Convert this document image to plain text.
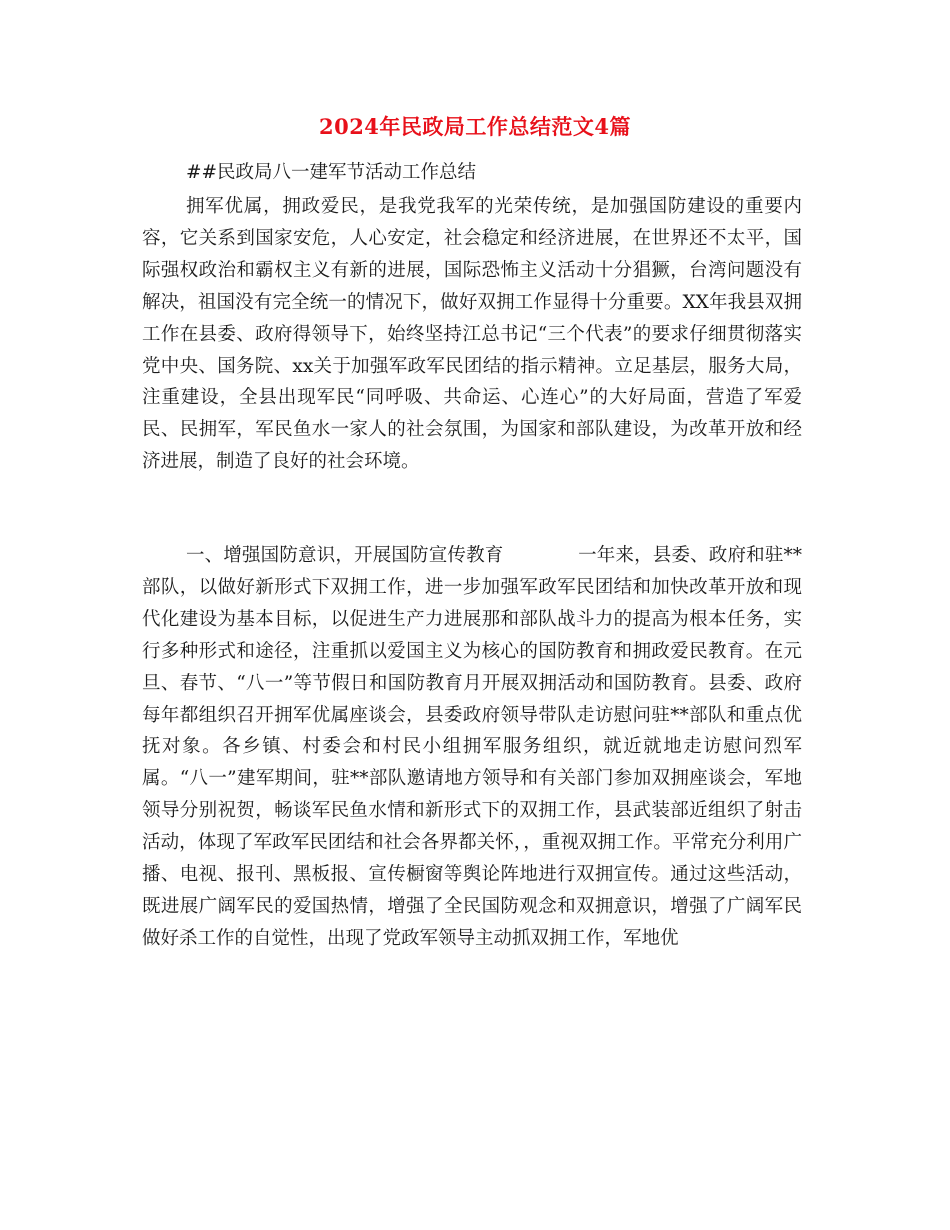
2024年民政局工作总结范文4篇
##民政局八一建军节活动工作总结

拥军优属，拥政爱民，是我党我军的光荣传统，是加强国防建设的重要内容，它关系到国家安危，人心安定，社会稳定和经济进展，在世界还不太平，国际强权政治和霸权主义有新的进展，国际恐怖主义活动十分猖獗，台湾问题没有解决，祖国没有完全统一的情况下，做好双拥工作显得十分重要。XX年我县双拥工作在县委、政府得领导下，始终坚持江总书记“三个代表”的要求仔细贯彻落实党中央、国务院、xx关于加强军政军民团结的指示精神。立足基层，服务大局，注重建设，全县出现军民“同呼吸、共命运、心连心”的大好局面，营造了军爱民、民拥军，军民鱼水一家人的社会氛围，为国家和部队建设，为改革开放和经济进展，制造了良好的社会环境。

一、增强国防意识，开展国防宣传教育　　　　一年来，县委、政府和驻**部队，以做好新形式下双拥工作，进一步加强军政军民团结和加快改革开放和现代化建设为基本目标，以促进生产力进展那和部队战斗力的提高为根本任务，实行多种形式和途径，注重抓以爱国主义为核心的国防教育和拥政爱民教育。在元旦、春节、“八一”等节假日和国防教育月开展双拥活动和国防教育。县委、政府每年都组织召开拥军优属座谈会，县委政府领导带队走访慰问驻**部队和重点优抚对象。各乡镇、村委会和村民小组拥军服务组织，就近就地走访慰问烈军属。“八一”建军期间，驻**部队邀请地方领导和有关部门参加双拥座谈会，军地领导分别祝贺，畅谈军民鱼水情和新形式下的双拥工作，县武装部近组织了射击活动，体现了军政军民团结和社会各界都关怀，，重视双拥工作。平常充分利用广播、电视、报刊、黑板报、宣传橱窗等舆论阵地进行双拥宣传。通过这些活动，既进展广阔军民的爱国热情，增强了全民国防观念和双拥意识，增强了广阔军民做好杀工作的自觉性，出现了党政军领导主动抓双拥工作，军地优
